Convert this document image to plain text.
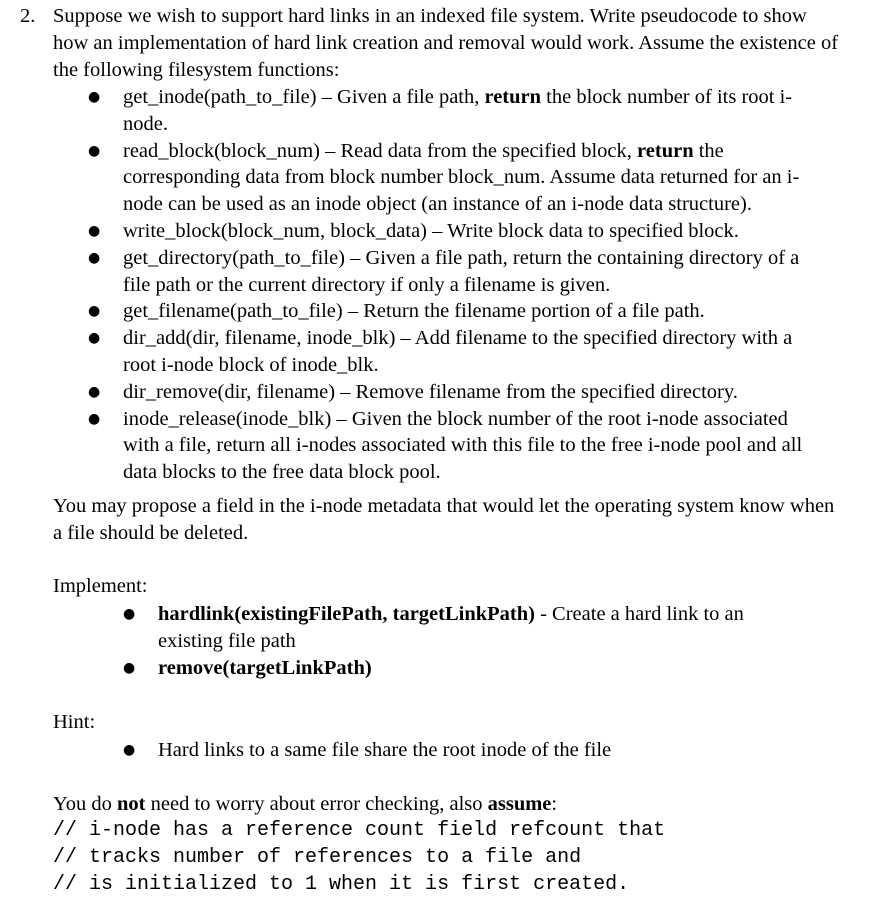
2. Suppose we wish to support hard links in an indexed file system. Write pseudocode to show how an implementation of hard link creation and removal would work. Assume the existence of the following filesystem functions:
● get_inode(path_to_file) – Given a file path, return the block number of its root i-node.
● read_block(block_num) – Read data from the specified block, return the corresponding data from block number block_num. Assume data returned for an i-node can be used as an inode object (an instance of an i-node data structure).
● write_block(block_num, block_data) – Write block data to specified block.
● get_directory(path_to_file) – Given a file path, return the containing directory of a file path or the current directory if only a filename is given.
● get_filename(path_to_file) – Return the filename portion of a file path.
● dir_add(dir, filename, inode_blk) – Add filename to the specified directory with a root i-node block of inode_blk.
● dir_remove(dir, filename) – Remove filename from the specified directory.
● inode_release(inode_blk) – Given the block number of the root i-node associated with a file, return all i-nodes associated with this file to the free i-node pool and all data blocks to the free data block pool.
You may propose a field in the i-node metadata that would let the operating system know when a file should be deleted.
Implement:
● hardlink(existingFilePath, targetLinkPath) - Create a hard link to an existing file path
● remove(targetLinkPath)
Hint:
● Hard links to a same file share the root inode of the file
You do not need to worry about error checking, also assume:
// i-node has a reference count field refcount that
// tracks number of references to a file and
// is initialized to 1 when it is first created.
